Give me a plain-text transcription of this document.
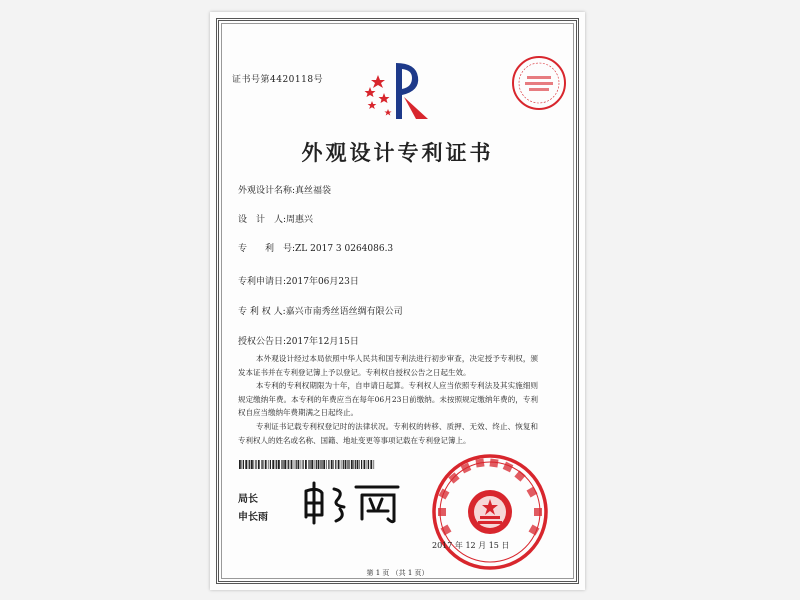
证书号第4420118号
外观设计专利证书
外观设计名称:真丝福袋
设　计　人:周惠兴
专　　利　号:ZL 2017 3 0264086.3
专利申请日:2017年06月23日
专 利 权 人:嘉兴市南秀丝语丝绸有限公司
授权公告日:2017年12月15日
本外观设计经过本局依照中华人民共和国专利法进行初步审查，决定授予专利权，颁发本证书并在专利登记簿上予以登记。专利权自授权公告之日起生效。
本专利的专利权期限为十年，自申请日起算。专利权人应当依照专利法及其实施细则规定缴纳年费。本专利的年费应当在每年06月23日前缴纳。未按照规定缴纳年费的，专利权自应当缴纳年费期满之日起终止。
专利证书记载专利权登记时的法律状况。专利权的转移、质押、无效、终止、恢复和专利权人的姓名或名称、国籍、地址变更等事项记载在专利登记簿上。
局长
申长雨
2017 年 12 月 15 日
第 1 页 （共 1 页）
